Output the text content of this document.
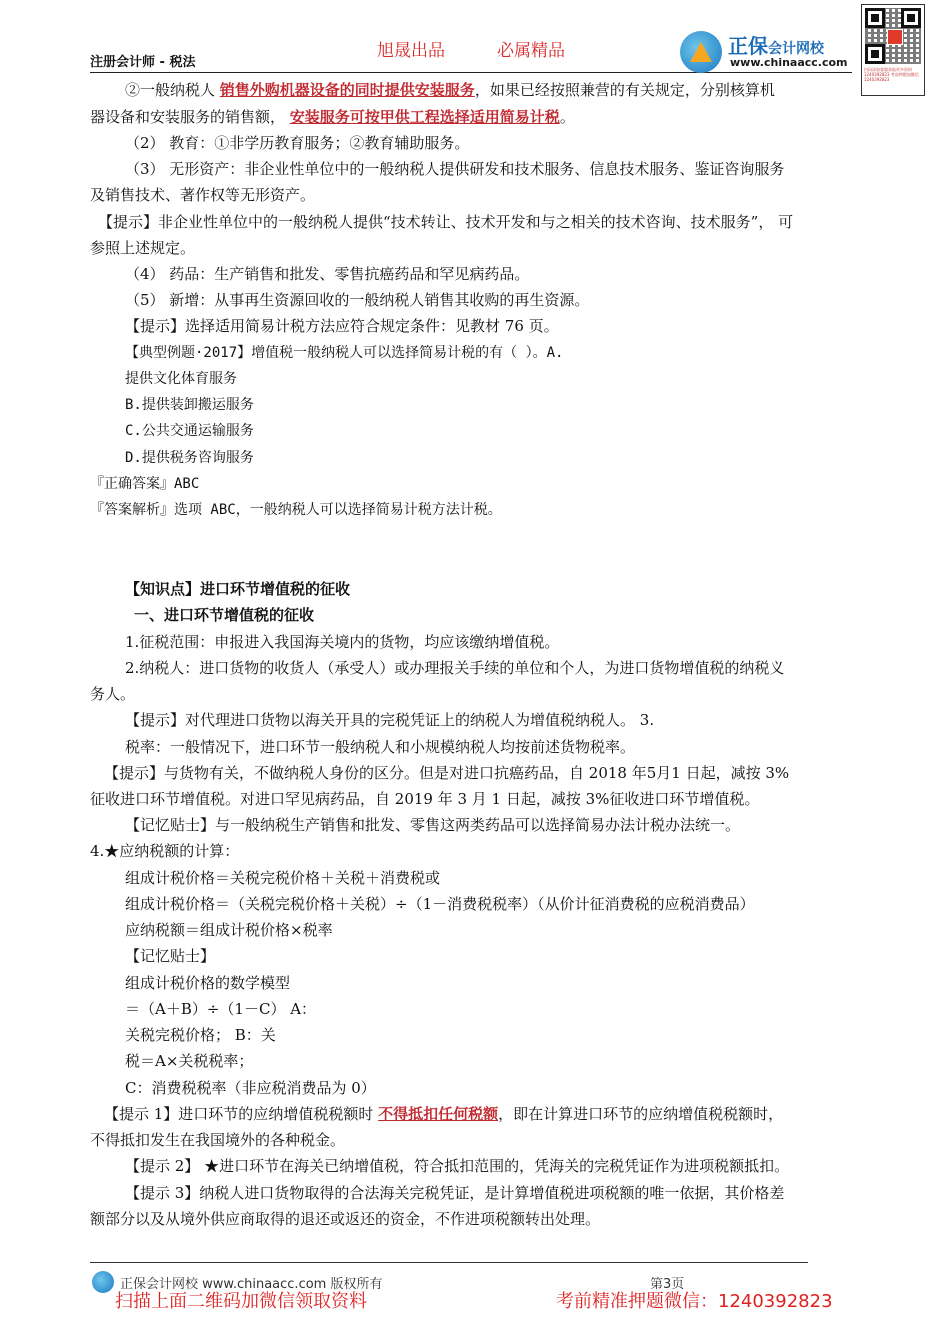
旭晟出品	必属精品
注册会计师 - 税法
正保会计网校
www.chinaacc.com
扫码添加客服获取更多资料 1240392823 考前押题加微信 1240392823
②一般纳税人 销售外购机器设备的同时提供安装服务，如果已经按照兼营的有关规定，分别核算机
器设备和安装服务的销售额， 安装服务可按甲供工程选择适用简易计税。
（2） 教育：①非学历教育服务；②教育辅助服务。
（3） 无形资产：非企业性单位中的一般纳税人提供研发和技术服务、信息技术服务、鉴证咨询服务
及销售技术、著作权等无形资产。
【提示】非企业性单位中的一般纳税人提供“技术转让、技术开发和与之相关的技术咨询、技术服务”， 可
参照上述规定。
（4） 药品：生产销售和批发、零售抗癌药品和罕见病药品。
（5） 新增：从事再生资源回收的一般纳税人销售其收购的再生资源。
【提示】选择适用简易计税方法应符合规定条件：见教材 76 页。
【典型例题·2017】增值税一般纳税人可以选择简易计税的有（ ）。A.
提供文化体育服务
B.提供装卸搬运服务
C.公共交通运输服务
D.提供税务咨询服务
『正确答案』ABC
『答案解析』选项 ABC，一般纳税人可以选择简易计税方法计税。
【知识点】进口环节增值税的征收
一、进口环节增值税的征收
1.征税范围：申报进入我国海关境内的货物，均应该缴纳增值税。
2.纳税人：进口货物的收货人（承受人）或办理报关手续的单位和个人，为进口货物增值税的纳税义
务人。
【提示】对代理进口货物以海关开具的完税凭证上的纳税人为增值税纳税人。 3.
税率：一般情况下，进口环节一般纳税人和小规模纳税人均按前述货物税率。
【提示】与货物有关，不做纳税人身份的区分。但是对进口抗癌药品，自 2018 年5月1 日起，减按 3%
征收进口环节增值税。对进口罕见病药品，自 2019 年 3 月 1 日起，减按 3%征收进口环节增值税。
【记忆贴士】与一般纳税生产销售和批发、零售这两类药品可以选择简易办法计税办法统一。
4.★应纳税额的计算：
组成计税价格＝关税完税价格＋关税＋消费税或
组成计税价格＝（关税完税价格＋关税）÷（1－消费税税率）（从价计征消费税的应税消费品）
应纳税额＝组成计税价格×税率
【记忆贴士】
组成计税价格的数学模型
＝（A＋B）÷（1－C） A：
关税完税价格； B：关
税＝A×关税税率；
C：消费税税率（非应税消费品为 0）
【提示 1】进口环节的应纳增值税税额时 不得抵扣任何税额，即在计算进口环节的应纳增值税税额时，
不得抵扣发生在我国境外的各种税金。
【提示 2】 ★进口环节在海关已纳增值税，符合抵扣范围的，凭海关的完税凭证作为进项税额抵扣。
【提示 3】纳税人进口货物取得的合法海关完税凭证，是计算增值税进项税额的唯一依据，其价格差
额部分以及从境外供应商取得的退还或返还的资金，不作进项税额转出处理。
正保会计网校 www.chinaacc.com 版权所有	第3页
扫描上面二维码加微信领取资料	考前精准押题微信：1240392823
